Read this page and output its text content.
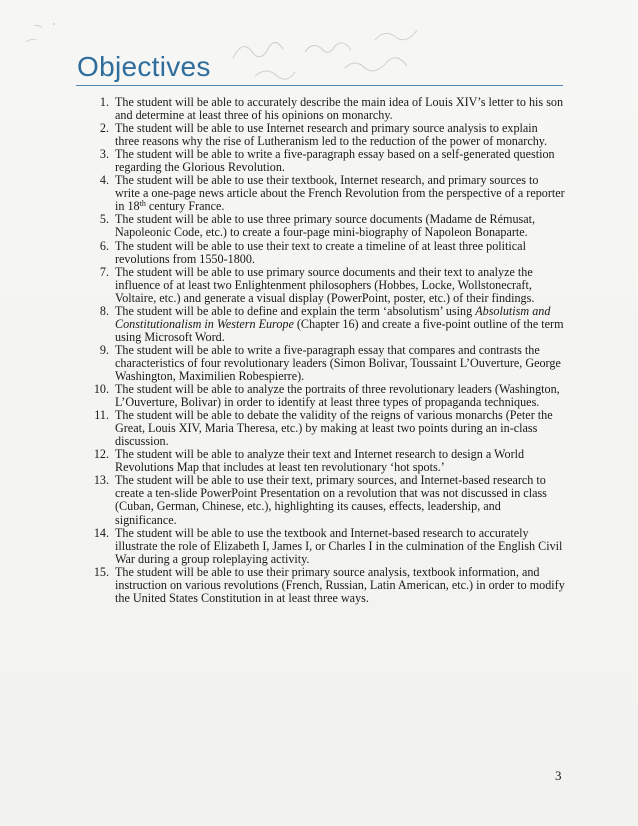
Objectives
1. The student will be able to accurately describe the main idea of Louis XIV’s letter to his son and determine at least three of his opinions on monarchy.
2. The student will be able to use Internet research and primary source analysis to explain three reasons why the rise of Lutheranism led to the reduction of the power of monarchy.
3. The student will be able to write a five-paragraph essay based on a self-generated question regarding the Glorious Revolution.
4. The student will be able to use their textbook, Internet research, and primary sources to write a one-page news article about the French Revolution from the perspective of a reporter in 18th century France.
5. The student will be able to use three primary source documents (Madame de Rémusat, Napoleonic Code, etc.) to create a four-page mini-biography of Napoleon Bonaparte.
6. The student will be able to use their text to create a timeline of at least three political revolutions from 1550-1800.
7. The student will be able to use primary source documents and their text to analyze the influence of at least two Enlightenment philosophers (Hobbes, Locke, Wollstonecraft, Voltaire, etc.) and generate a visual display (PowerPoint, poster, etc.) of their findings.
8. The student will be able to define and explain the term ‘absolutism’ using Absolutism and Constitutionalism in Western Europe (Chapter 16) and create a five-point outline of the term using Microsoft Word.
9. The student will be able to write a five-paragraph essay that compares and contrasts the characteristics of four revolutionary leaders (Simon Bolivar, Toussaint L’Ouverture, George Washington, Maximilien Robespierre).
10. The student will be able to analyze the portraits of three revolutionary leaders (Washington, L’Ouverture, Bolivar) in order to identify at least three types of propaganda techniques.
11. The student will be able to debate the validity of the reigns of various monarchs (Peter the Great, Louis XIV, Maria Theresa, etc.) by making at least two points during an in-class discussion.
12. The student will be able to analyze their text and Internet research to design a World Revolutions Map that includes at least ten revolutionary ‘hot spots.’
13. The student will be able to use their text, primary sources, and Internet-based research to create a ten-slide PowerPoint Presentation on a revolution that was not discussed in class (Cuban, German, Chinese, etc.), highlighting its causes, effects, leadership, and significance.
14. The student will be able to use the textbook and Internet-based research to accurately illustrate the role of Elizabeth I, James I, or Charles I in the culmination of the English Civil War during a group roleplaying activity.
15. The student will be able to use their primary source analysis, textbook information, and instruction on various revolutions (French, Russian, Latin American, etc.) in order to modify the United States Constitution in at least three ways.
3
